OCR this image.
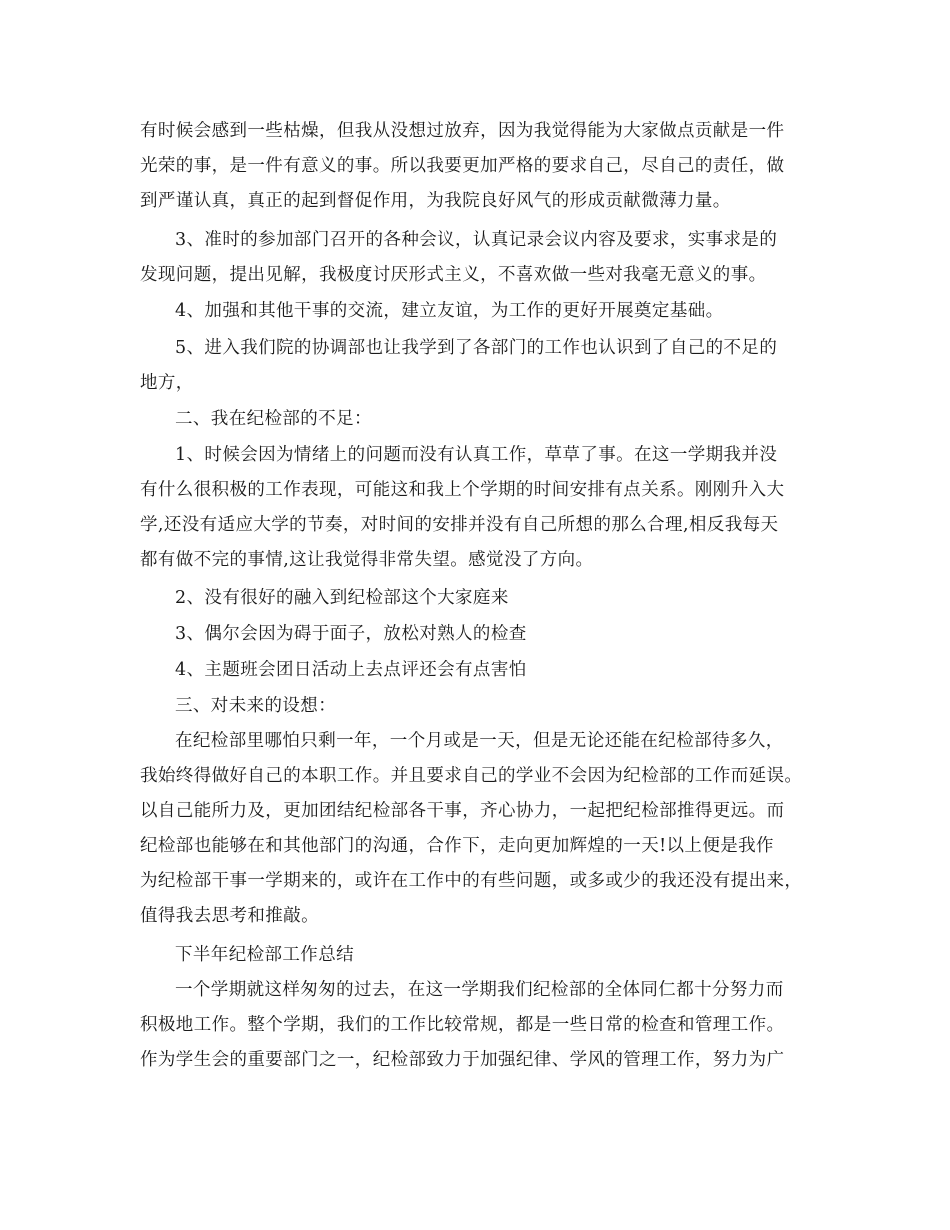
有时候会感到一些枯燥，但我从没想过放弃，因为我觉得能为大家做点贡献是一件
光荣的事，是一件有意义的事。所以我要更加严格的要求自己，尽自己的责任，做
到严谨认真，真正的起到督促作用，为我院良好风气的形成贡献微薄力量。
3、准时的参加部门召开的各种会议，认真记录会议内容及要求，实事求是的
发现问题，提出见解，我极度讨厌形式主义，不喜欢做一些对我毫无意义的事。
4、加强和其他干事的交流，建立友谊，为工作的更好开展奠定基础。
5、进入我们院的协调部也让我学到了各部门的工作也认识到了自己的不足的
地方，
二、我在纪检部的不足：
1、时候会因为情绪上的问题而没有认真工作，草草了事。在这一学期我并没
有什么很积极的工作表现，可能这和我上个学期的时间安排有点关系。刚刚升入大
学,还没有适应大学的节奏，对时间的安排并没有自己所想的那么合理,相反我每天
都有做不完的事情,这让我觉得非常失望。感觉没了方向。
2、没有很好的融入到纪检部这个大家庭来
3、偶尔会因为碍于面子，放松对熟人的检查
4、主题班会团日活动上去点评还会有点害怕
三、对未来的设想：
在纪检部里哪怕只剩一年，一个月或是一天，但是无论还能在纪检部待多久，
我始终得做好自己的本职工作。并且要求自己的学业不会因为纪检部的工作而延误。
以自己能所力及，更加团结纪检部各干事，齐心协力，一起把纪检部推得更远。而
纪检部也能够在和其他部门的沟通，合作下，走向更加辉煌的一天!以上便是我作
为纪检部干事一学期来的，或许在工作中的有些问题，或多或少的我还没有提出来，
值得我去思考和推敲。
下半年纪检部工作总结
一个学期就这样匆匆的过去，在这一学期我们纪检部的全体同仁都十分努力而
积极地工作。整个学期，我们的工作比较常规，都是一些日常的检查和管理工作。
作为学生会的重要部门之一，纪检部致力于加强纪律、学风的管理工作，努力为广
